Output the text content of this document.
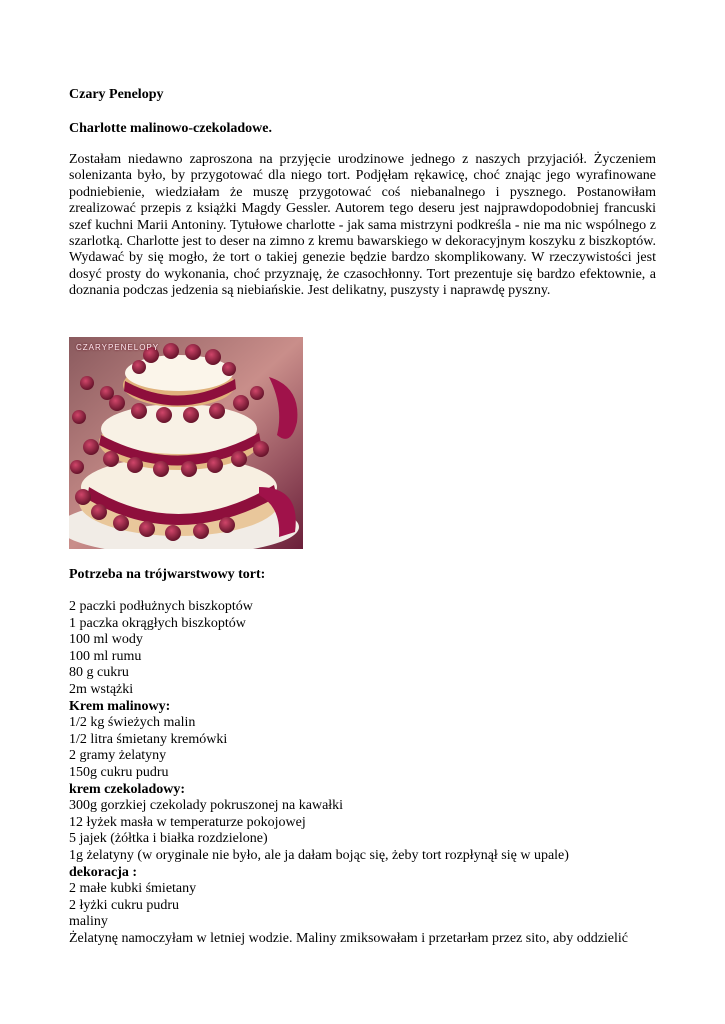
Czary Penelopy

Charlotte malinowo-czekoladowe.

Zostałam niedawno zaproszona na przyjęcie urodzinowe jednego z naszych przyjaciół. Życzeniem solenizanta było, by przygotować dla niego tort. Podjęłam rękawicę, choć znając jego wyrafinowane podniebienie, wiedziałam że muszę przygotować coś niebanalnego i pysznego. Postanowiłam zrealizować przepis z książki Magdy Gessler. Autorem tego deseru jest najprawdopodobniej francuski szef kuchni Marii Antoniny. Tytułowe charlotte - jak sama mistrzyni podkreśla - nie ma nic wspólnego z szarlotką. Charlotte jest to deser na zimno z kremu bawarskiego w dekoracyjnym koszyku z biszkoptów. Wydawać by się mogło, że tort o takiej genezie będzie bardzo skomplikowany. W rzeczywistości jest dosyć prosty do wykonania, choć przyznaję, że czasochłonny. Tort prezentuje się bardzo efektownie, a doznania podczas jedzenia są niebiańskie. Jest delikatny, puszysty i naprawdę pyszny.

CZARYPENELOPY

Potrzeba na trójwarstwowy tort:

2 paczki podłużnych biszkoptów
1 paczka okrągłych biszkoptów
100 ml wody
100 ml rumu
80 g cukru
2m wstążki
Krem malinowy:
1/2 kg świeżych malin
1/2 litra śmietany kremówki
2 gramy żelatyny
150g cukru pudru
krem czekoladowy:
300g gorzkiej czekolady pokruszonej na kawałki
12 łyżek masła w temperaturze pokojowej
5 jajek (żółtka i białka rozdzielone)
1g żelatyny (w oryginale nie było, ale ja dałam bojąc się, żeby tort rozpłynął się w upale)
dekoracja :
2 małe kubki śmietany
2 łyżki cukru pudru
maliny
Żelatynę namoczyłam w letniej wodzie. Maliny zmiksowałam i przetarłam przez sito, aby oddzielić
